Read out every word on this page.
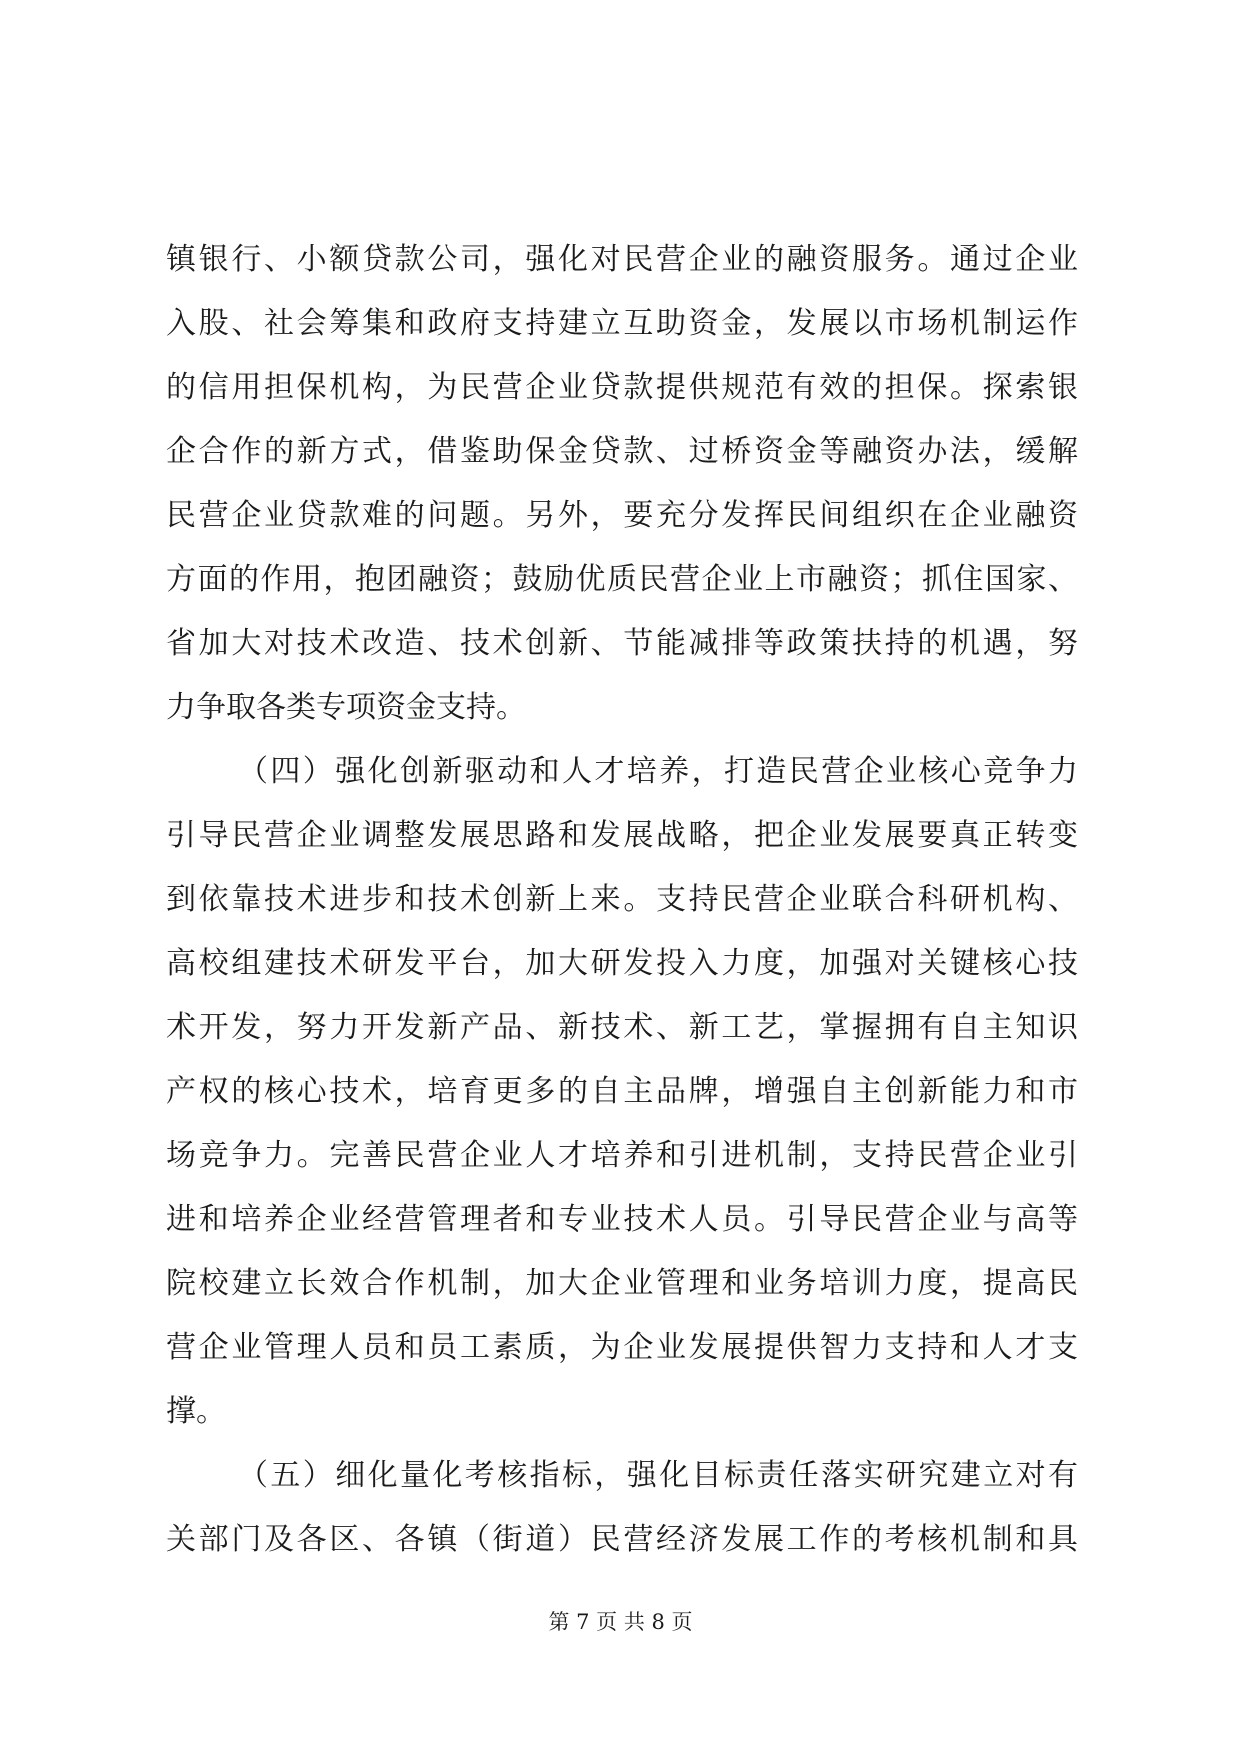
镇银行、小额贷款公司，强化对民营企业的融资服务。通过企业
入股、社会筹集和政府支持建立互助资金，发展以市场机制运作
的信用担保机构，为民营企业贷款提供规范有效的担保。探索银
企合作的新方式，借鉴助保金贷款、过桥资金等融资办法，缓解
民营企业贷款难的问题。另外，要充分发挥民间组织在企业融资
方面的作用，抱团融资；鼓励优质民营企业上市融资；抓住国家、
省加大对技术改造、技术创新、节能减排等政策扶持的机遇，努
力争取各类专项资金支持。
（四）强化创新驱动和人才培养，打造民营企业核心竞争力
引导民营企业调整发展思路和发展战略，把企业发展要真正转变
到依靠技术进步和技术创新上来。支持民营企业联合科研机构、
高校组建技术研发平台，加大研发投入力度，加强对关键核心技
术开发，努力开发新产品、新技术、新工艺，掌握拥有自主知识
产权的核心技术，培育更多的自主品牌，增强自主创新能力和市
场竞争力。完善民营企业人才培养和引进机制，支持民营企业引
进和培养企业经营管理者和专业技术人员。引导民营企业与高等
院校建立长效合作机制，加大企业管理和业务培训力度，提高民
营企业管理人员和员工素质，为企业发展提供智力支持和人才支
撑。
（五）细化量化考核指标，强化目标责任落实研究建立对有
关部门及各区、各镇（街道）民营经济发展工作的考核机制和具
第 7 页 共 8 页
